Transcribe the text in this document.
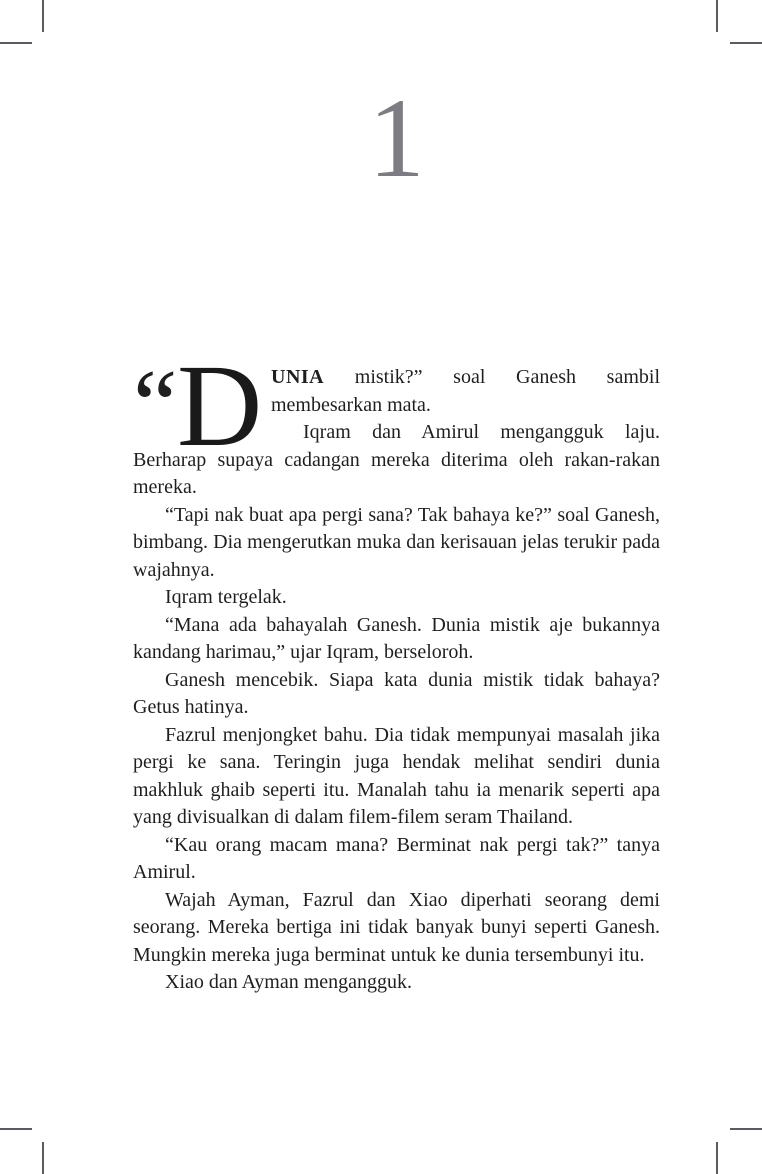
1

“ D UNIA mistik?” soal Ganesh sambil membesarkan mata.

Iqram dan Amirul mengangguk laju. Berharap supaya cadangan mereka diterima oleh rakan-rakan mereka.

“Tapi nak buat apa pergi sana? Tak bahaya ke?” soal Ganesh, bimbang. Dia mengerutkan muka dan kerisauan jelas terukir pada wajahnya.

Iqram tergelak.

“Mana ada bahayalah Ganesh. Dunia mistik aje bukannya kandang harimau,” ujar Iqram, berseloroh.

Ganesh mencebik. Siapa kata dunia mistik tidak bahaya? Getus hatinya.

Fazrul menjongket bahu. Dia tidak mempunyai masalah jika pergi ke sana. Teringin juga hendak melihat sendiri dunia makhluk ghaib seperti itu. Manalah tahu ia menarik seperti apa yang divisualkan di dalam filem-filem seram Thailand.

“Kau orang macam mana? Berminat nak pergi tak?” tanya Amirul.

Wajah Ayman, Fazrul dan Xiao diperhati seorang demi seorang. Mereka bertiga ini tidak banyak bunyi seperti Ganesh. Mungkin mereka juga berminat untuk ke dunia tersembunyi itu.

Xiao dan Ayman mengangguk.
